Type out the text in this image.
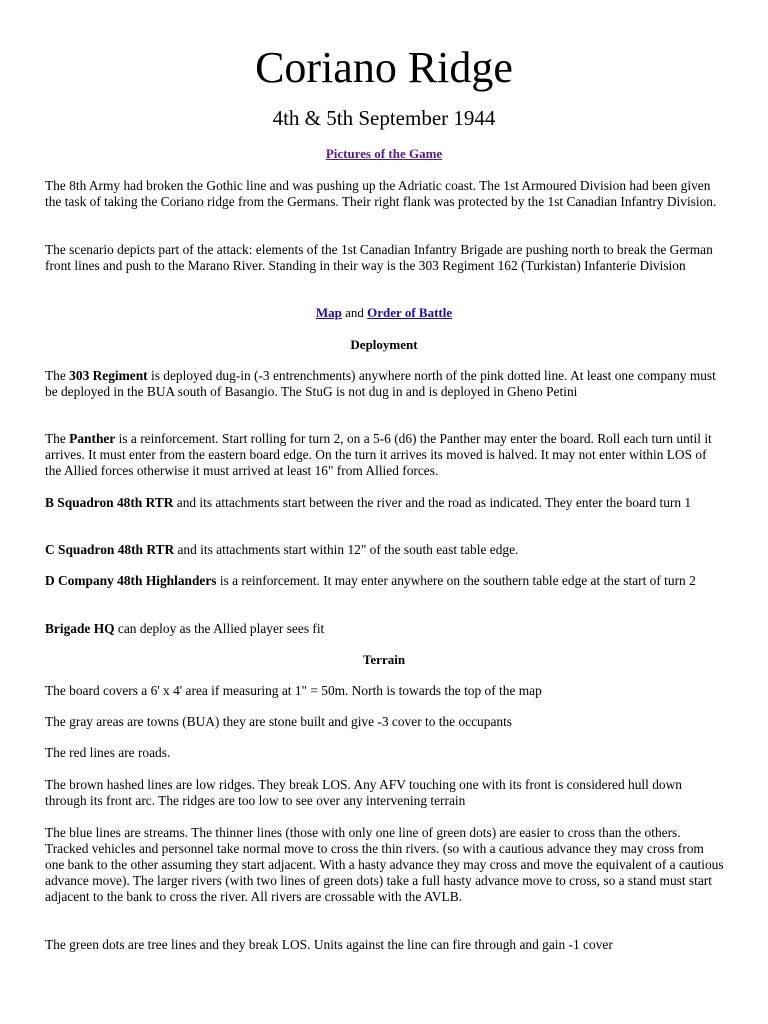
Coriano Ridge
4th & 5th September 1944
Pictures of the Game

The 8th Army had broken the Gothic line and was pushing up the Adriatic coast. The 1st Armoured Division had been given the task of taking the Coriano ridge from the Germans. Their right flank was protected by the 1st Canadian Infantry Division.

The scenario depicts part of the attack: elements of the 1st Canadian Infantry Brigade are pushing north to break the German front lines and push to the Marano River. Standing in their way is the 303 Regiment 162 (Turkistan) Infanterie Division

Map and Order of Battle
Deployment

The 303 Regiment is deployed dug-in (-3 entrenchments) anywhere north of the pink dotted line. At least one company must be deployed in the BUA south of Basangio. The StuG is not dug in and is deployed in Gheno Petini

The Panther is a reinforcement. Start rolling for turn 2, on a 5-6 (d6) the Panther may enter the board. Roll each turn until it arrives. It must enter from the eastern board edge. On the turn it arrives its moved is halved. It may not enter within LOS of the Allied forces otherwise it must arrived at least 16" from Allied forces.

B Squadron 48th RTR and its attachments start between the river and the road as indicated. They enter the board turn 1

C Squadron 48th RTR and its attachments start within 12" of the south east table edge.

D Company 48th Highlanders is a reinforcement. It may enter anywhere on the southern table edge at the start of turn 2

Brigade HQ can deploy as the Allied player sees fit

Terrain

The board covers a 6' x 4' area if measuring at 1" = 50m. North is towards the top of the map

The gray areas are towns (BUA) they are stone built and give -3 cover to the occupants

The red lines are roads.

The brown hashed lines are low ridges. They break LOS. Any AFV touching one with its front is considered hull down through its front arc. The ridges are too low to see over any intervening terrain

The blue lines are streams. The thinner lines (those with only one line of green dots) are easier to cross than the others. Tracked vehicles and personnel take normal move to cross the thin rivers. (so with a cautious advance they may cross from one bank to the other assuming they start adjacent. With a hasty advance they may cross and move the equivalent of a cautious advance move). The larger rivers (with two lines of green dots) take a full hasty advance move to cross, so a stand must start adjacent to the bank to cross the river. All rivers are crossable with the AVLB.

The green dots are tree lines and they break LOS. Units against the line can fire through and gain -1 cover
